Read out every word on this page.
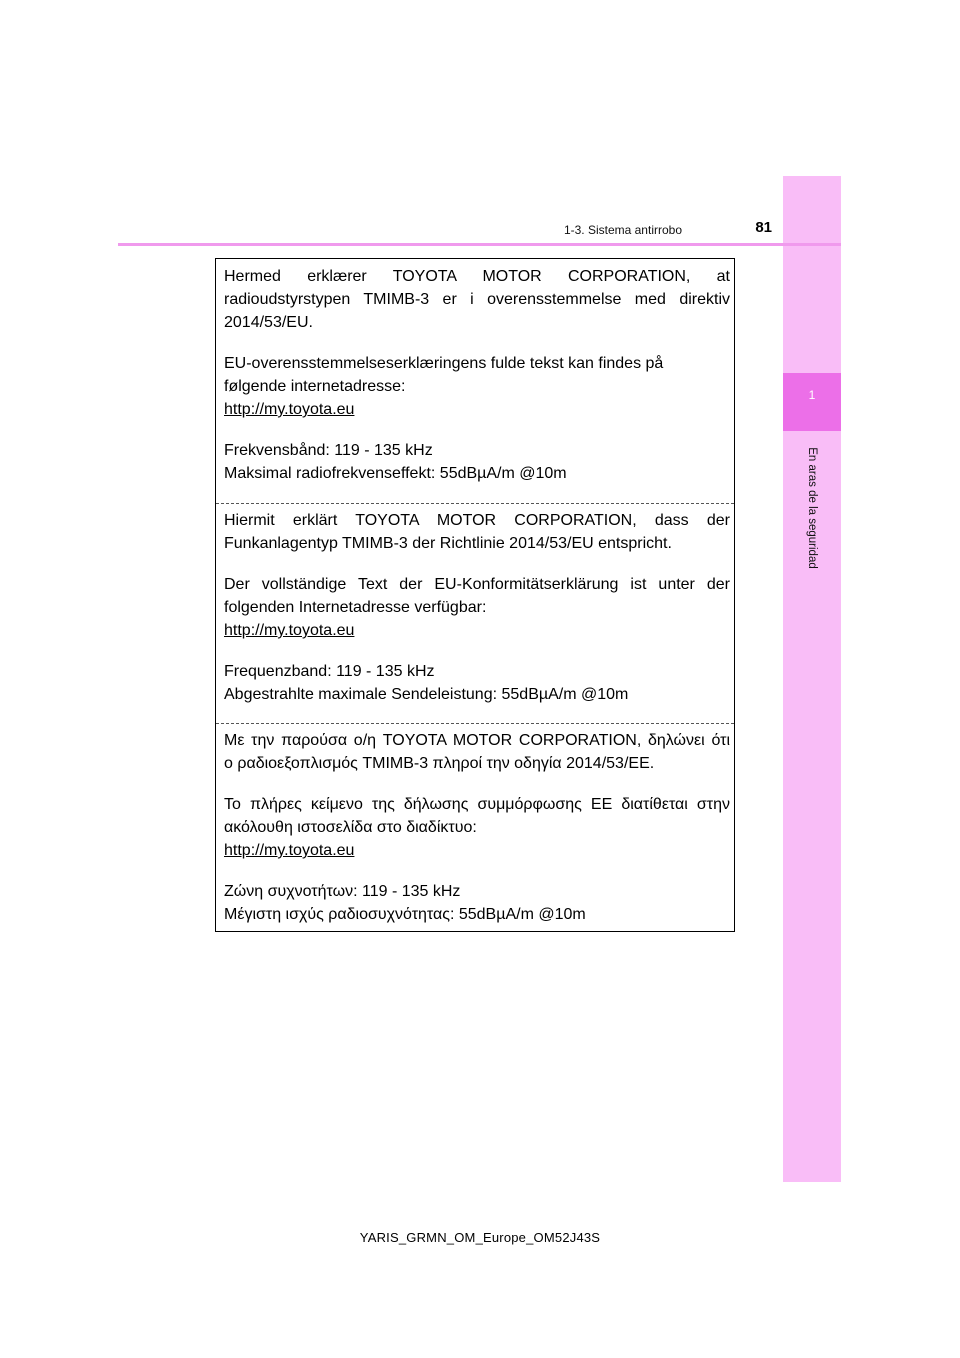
1
En aras de la seguridad
1-3. Sistema antirrobo	81

Hermed erklærer TOYOTA MOTOR CORPORATION, at

radioudstyrstypen TMIMB-3 er i overensstemmelse med direktiv

2014/53/EU.

EU-overensstemmelseserklæringens fulde tekst kan findes på

følgende internetadresse:

http://my.toyota.eu

Frekvensbånd: 119 - 135 kHz

Maksimal radiofrekvenseffekt: 55dBµA/m @10m

Hiermit erklärt TOYOTA MOTOR CORPORATION, dass der

Funkanlagentyp TMIMB-3 der Richtlinie 2014/53/EU entspricht.

Der vollständige Text der EU-Konformitätserklärung ist unter der

folgenden Internetadresse verfügbar:

http://my.toyota.eu

Frequenzband: 119 - 135 kHz

Abgestrahlte maximale Sendeleistung: 55dBµA/m @10m

Με την παρούσα ο/η TOYOTA MOTOR CORPORATION, δηλώνει ότι

ο ραδιοεξοπλισμός TMIMB-3 πληροί την οδηγία 2014/53/ΕΕ.

Το πλήρες κείμενο της δήλωσης συμμόρφωσης ΕΕ διατίθεται στην

ακόλουθη ιστοσελίδα στο διαδίκτυο:

http://my.toyota.eu

Ζώνη συχνοτήτων: 119 - 135 kHz

Μέγιστη ισχύς ραδιοσυχνότητας: 55dBµA/m @10m

YARIS_GRMN_OM_Europe_OM52J43S
